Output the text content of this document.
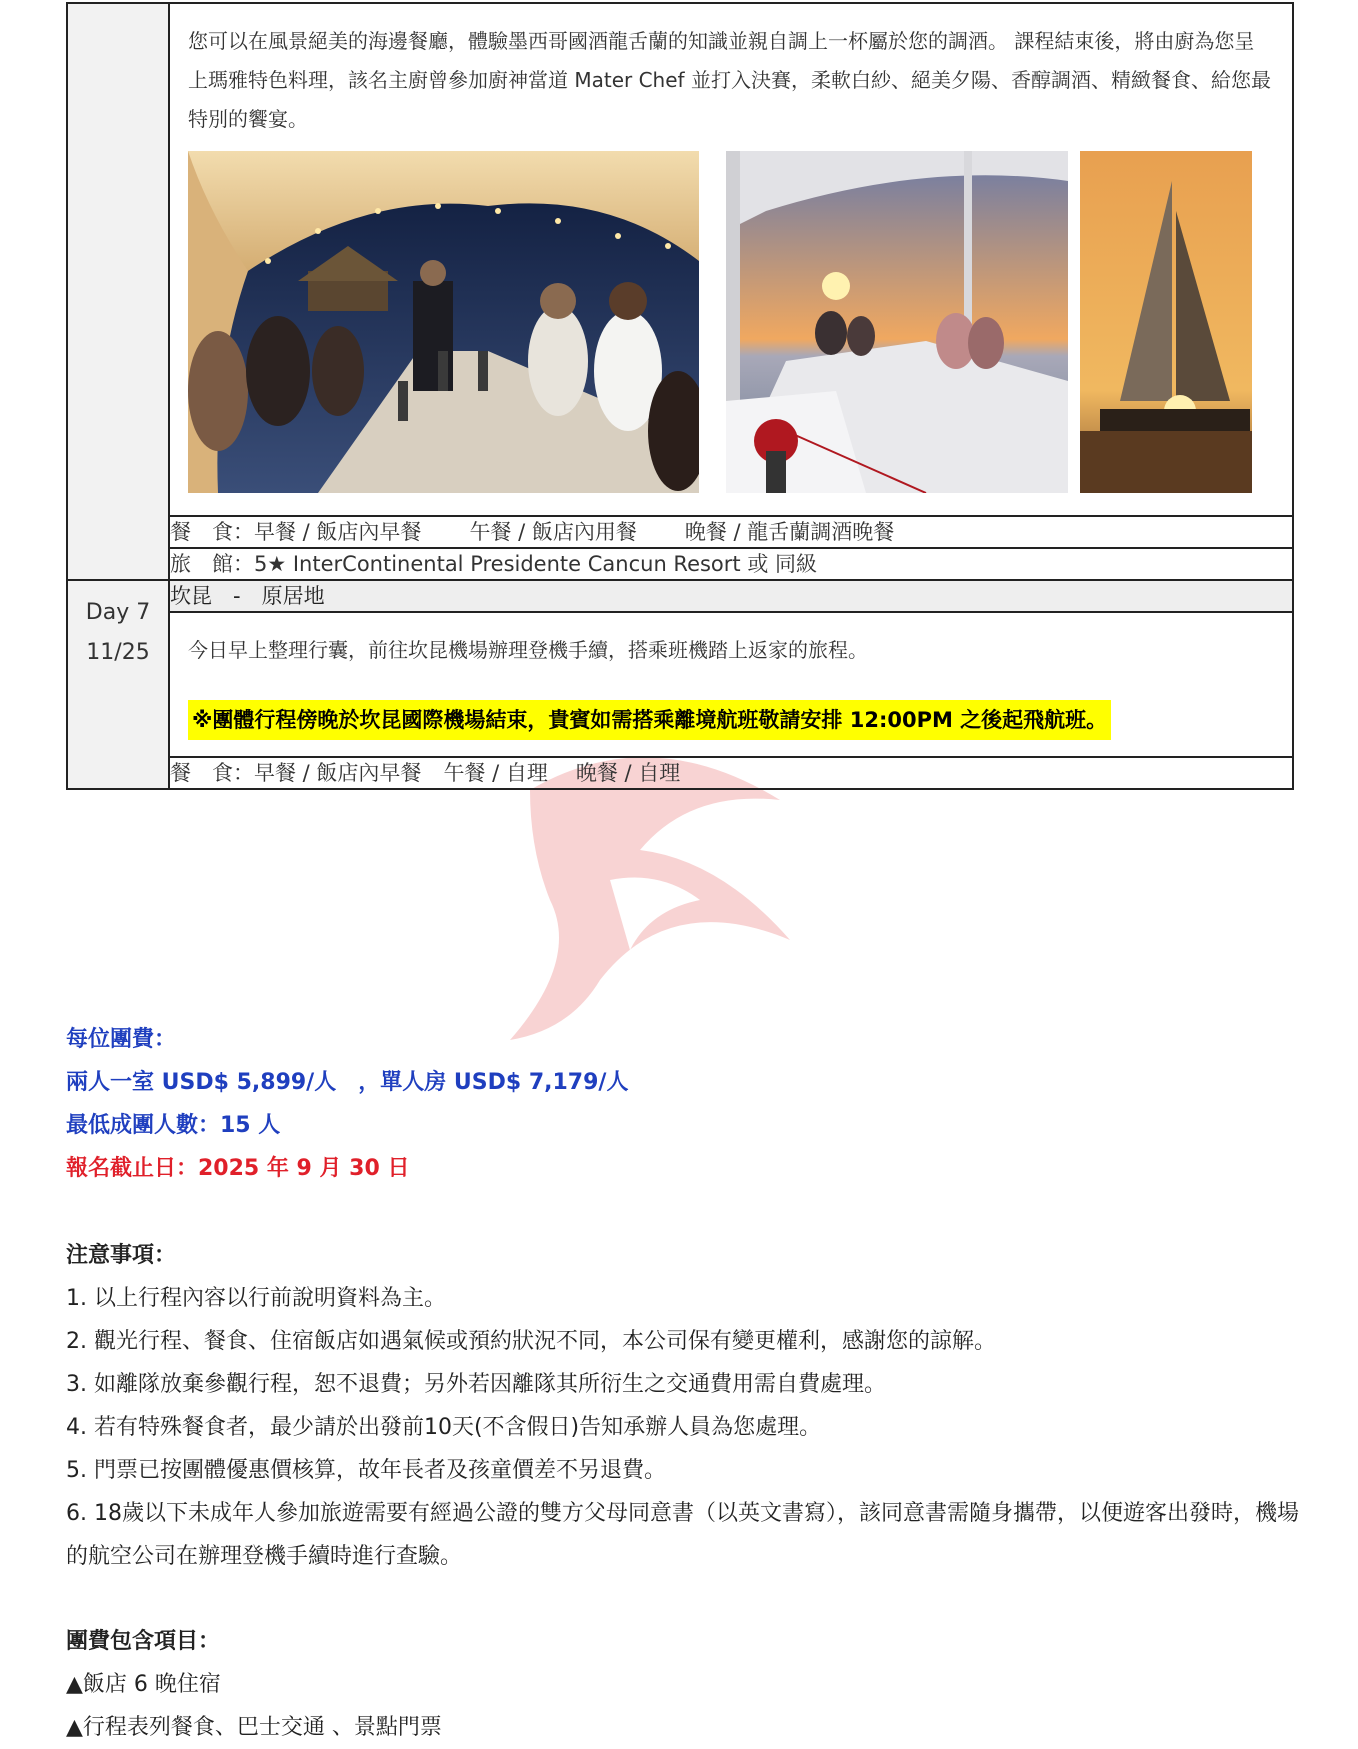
	您可以在風景絕美的海邊餐廳，體驗墨西哥國酒龍舌蘭的知識並親自調上一杯屬於您的調酒。 課程結束後，將由廚為您呈上瑪雅特色料理，該名主廚曾參加廚神當道 Mater Chef 並打入決賽，柔軟白紗、絕美夕陽、香醇調酒、精緻餐食、給您最特別的饗宴。

	餐　食：早餐 / 飯店內早餐 午餐 / 飯店內用餐 晚餐 / 龍舌蘭調酒晚餐
	旅　館：5★ InterContinental Presidente Cancun Resort 或 同級

Day 7
11/25	坎昆　-　原居地

	今日早上整理行囊，前往坎昆機場辦理登機手續，搭乘班機踏上返家的旅程。
※團體行程傍晚於坎昆國際機場結束，貴賓如需搭乘離境航班敬請安排 12:00PM 之後起飛航班。

	餐　食：早餐 / 飯店內早餐 午餐 / 自理 晚餐 / 自理
每位團費：
兩人一室 USD$ 5,899/人　，單人房 USD$ 7,179/人
最低成團人數：15 人
報名截止日：2025 年 9 月 30 日
注意事項：
1. 以上行程內容以行前說明資料為主。
2. 觀光行程、餐食、住宿飯店如遇氣候或預約狀況不同，本公司保有變更權利，感謝您的諒解。
3. 如離隊放棄參觀行程，恕不退費；另外若因離隊其所衍生之交通費用需自費處理。
4. 若有特殊餐食者，最少請於出發前10天(不含假日)告知承辦人員為您處理。
5. 門票已按團體優惠價核算，故年長者及孩童價差不另退費。
6. 18歲以下未成年人參加旅遊需要有經過公證的雙方父母同意書（以英文書寫），該同意書需隨身攜帶，以便遊客出發時，機場的航空公司在辦理登機手續時進行查驗。
團費包含項目：
▲飯店 6 晚住宿
▲行程表列餐食、巴士交通 、景點門票
